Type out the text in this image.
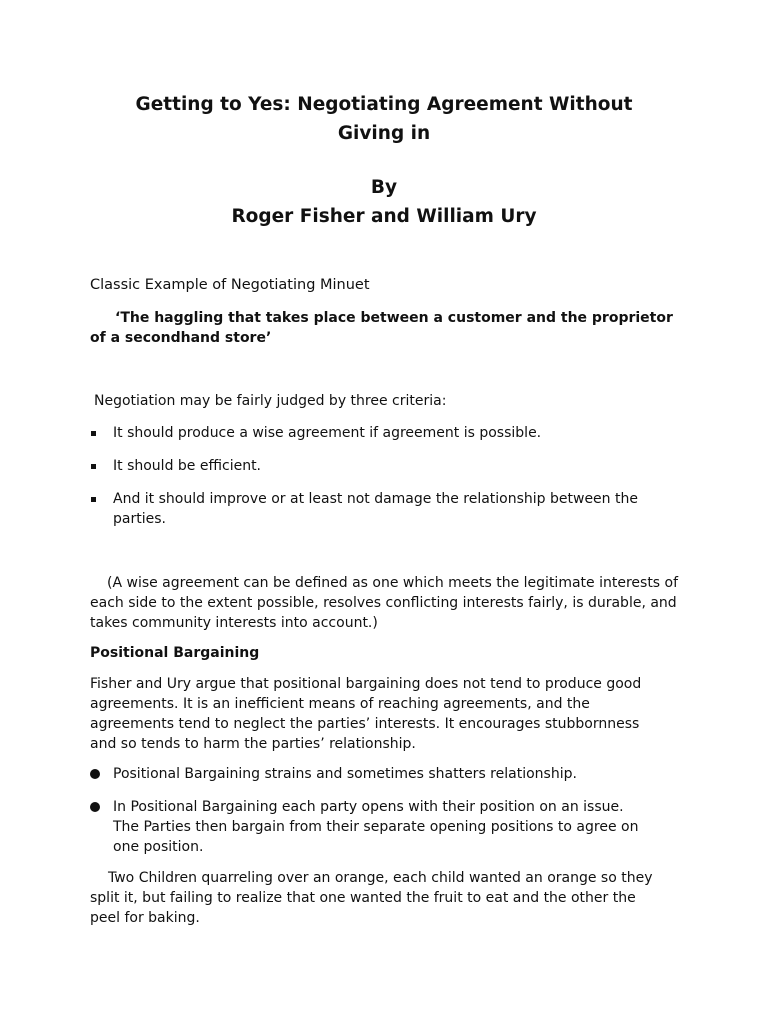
Getting to Yes: Negotiating Agreement Without
Giving in
By
Roger Fisher and William Ury

Classic Example of Negotiating Minuet

‘The haggling that takes place between a customer and the proprietor of a secondhand store’

Negotiation may be fairly judged by three criteria:

It should produce a wise agreement if agreement is possible.
It should be efficient.
And it should improve or at least not damage the relationship between the parties.

(A wise agreement can be defined as one which meets the legitimate interests of each side to the extent possible, resolves conflicting interests fairly, is durable, and takes community interests into account.)

Positional Bargaining

Fisher and Ury argue that positional bargaining does not tend to produce good agreements. It is an inefficient means of reaching agreements, and the agreements tend to neglect the parties’ interests. It encourages stubbornness and so tends to harm the parties’ relationship.

Positional Bargaining strains and sometimes shatters relationship.
In Positional Bargaining each party opens with their position on an issue. The Parties then bargain from their separate opening positions to agree on one position.

Two Children quarreling over an orange, each child wanted an orange so they split it, but failing to realize that one wanted the fruit to eat and the other the peel for baking.
